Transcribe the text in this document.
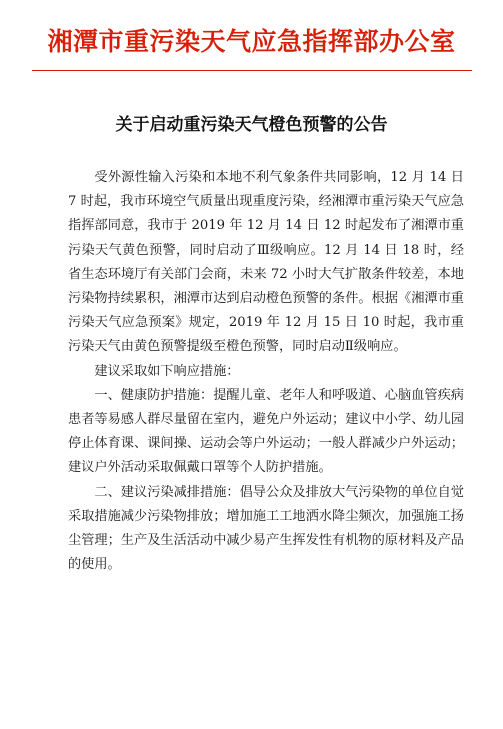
湘潭市重污染天气应急指挥部办公室
关于启动重污染天气橙色预警的公告

受外源性输入污染和本地不利气象条件共同影响，12 月 14 日 7 时起，我市环境空气质量出现重度污染，经湘潭市重污染天气应急指挥部同意，我市于 2019 年 12 月 14 日 12 时起发布了湘潭市重污染天气黄色预警，同时启动了Ⅲ级响应。12 月 14 日 18 时，经省生态环境厅有关部门会商，未来 72 小时大气扩散条件较差，本地污染物持续累积，湘潭市达到启动橙色预警的条件。根据《湘潭市重污染天气应急预案》规定，2019 年 12 月 15 日 10 时起，我市重污染天气由黄色预警提级至橙色预警，同时启动Ⅱ级响应。

建议采取如下响应措施：

一、健康防护措施：提醒儿童、老年人和呼吸道、心脑血管疾病患者等易感人群尽量留在室内，避免户外运动；建议中小学、幼儿园停止体育课、课间操、运动会等户外运动；一般人群减少户外运动；建议户外活动采取佩戴口罩等个人防护措施。

二、建议污染减排措施：倡导公众及排放大气污染物的单位自觉采取措施减少污染物排放；增加施工工地洒水降尘频次，加强施工扬尘管理；生产及生活活动中减少易产生挥发性有机物的原材料及产品的使用。
